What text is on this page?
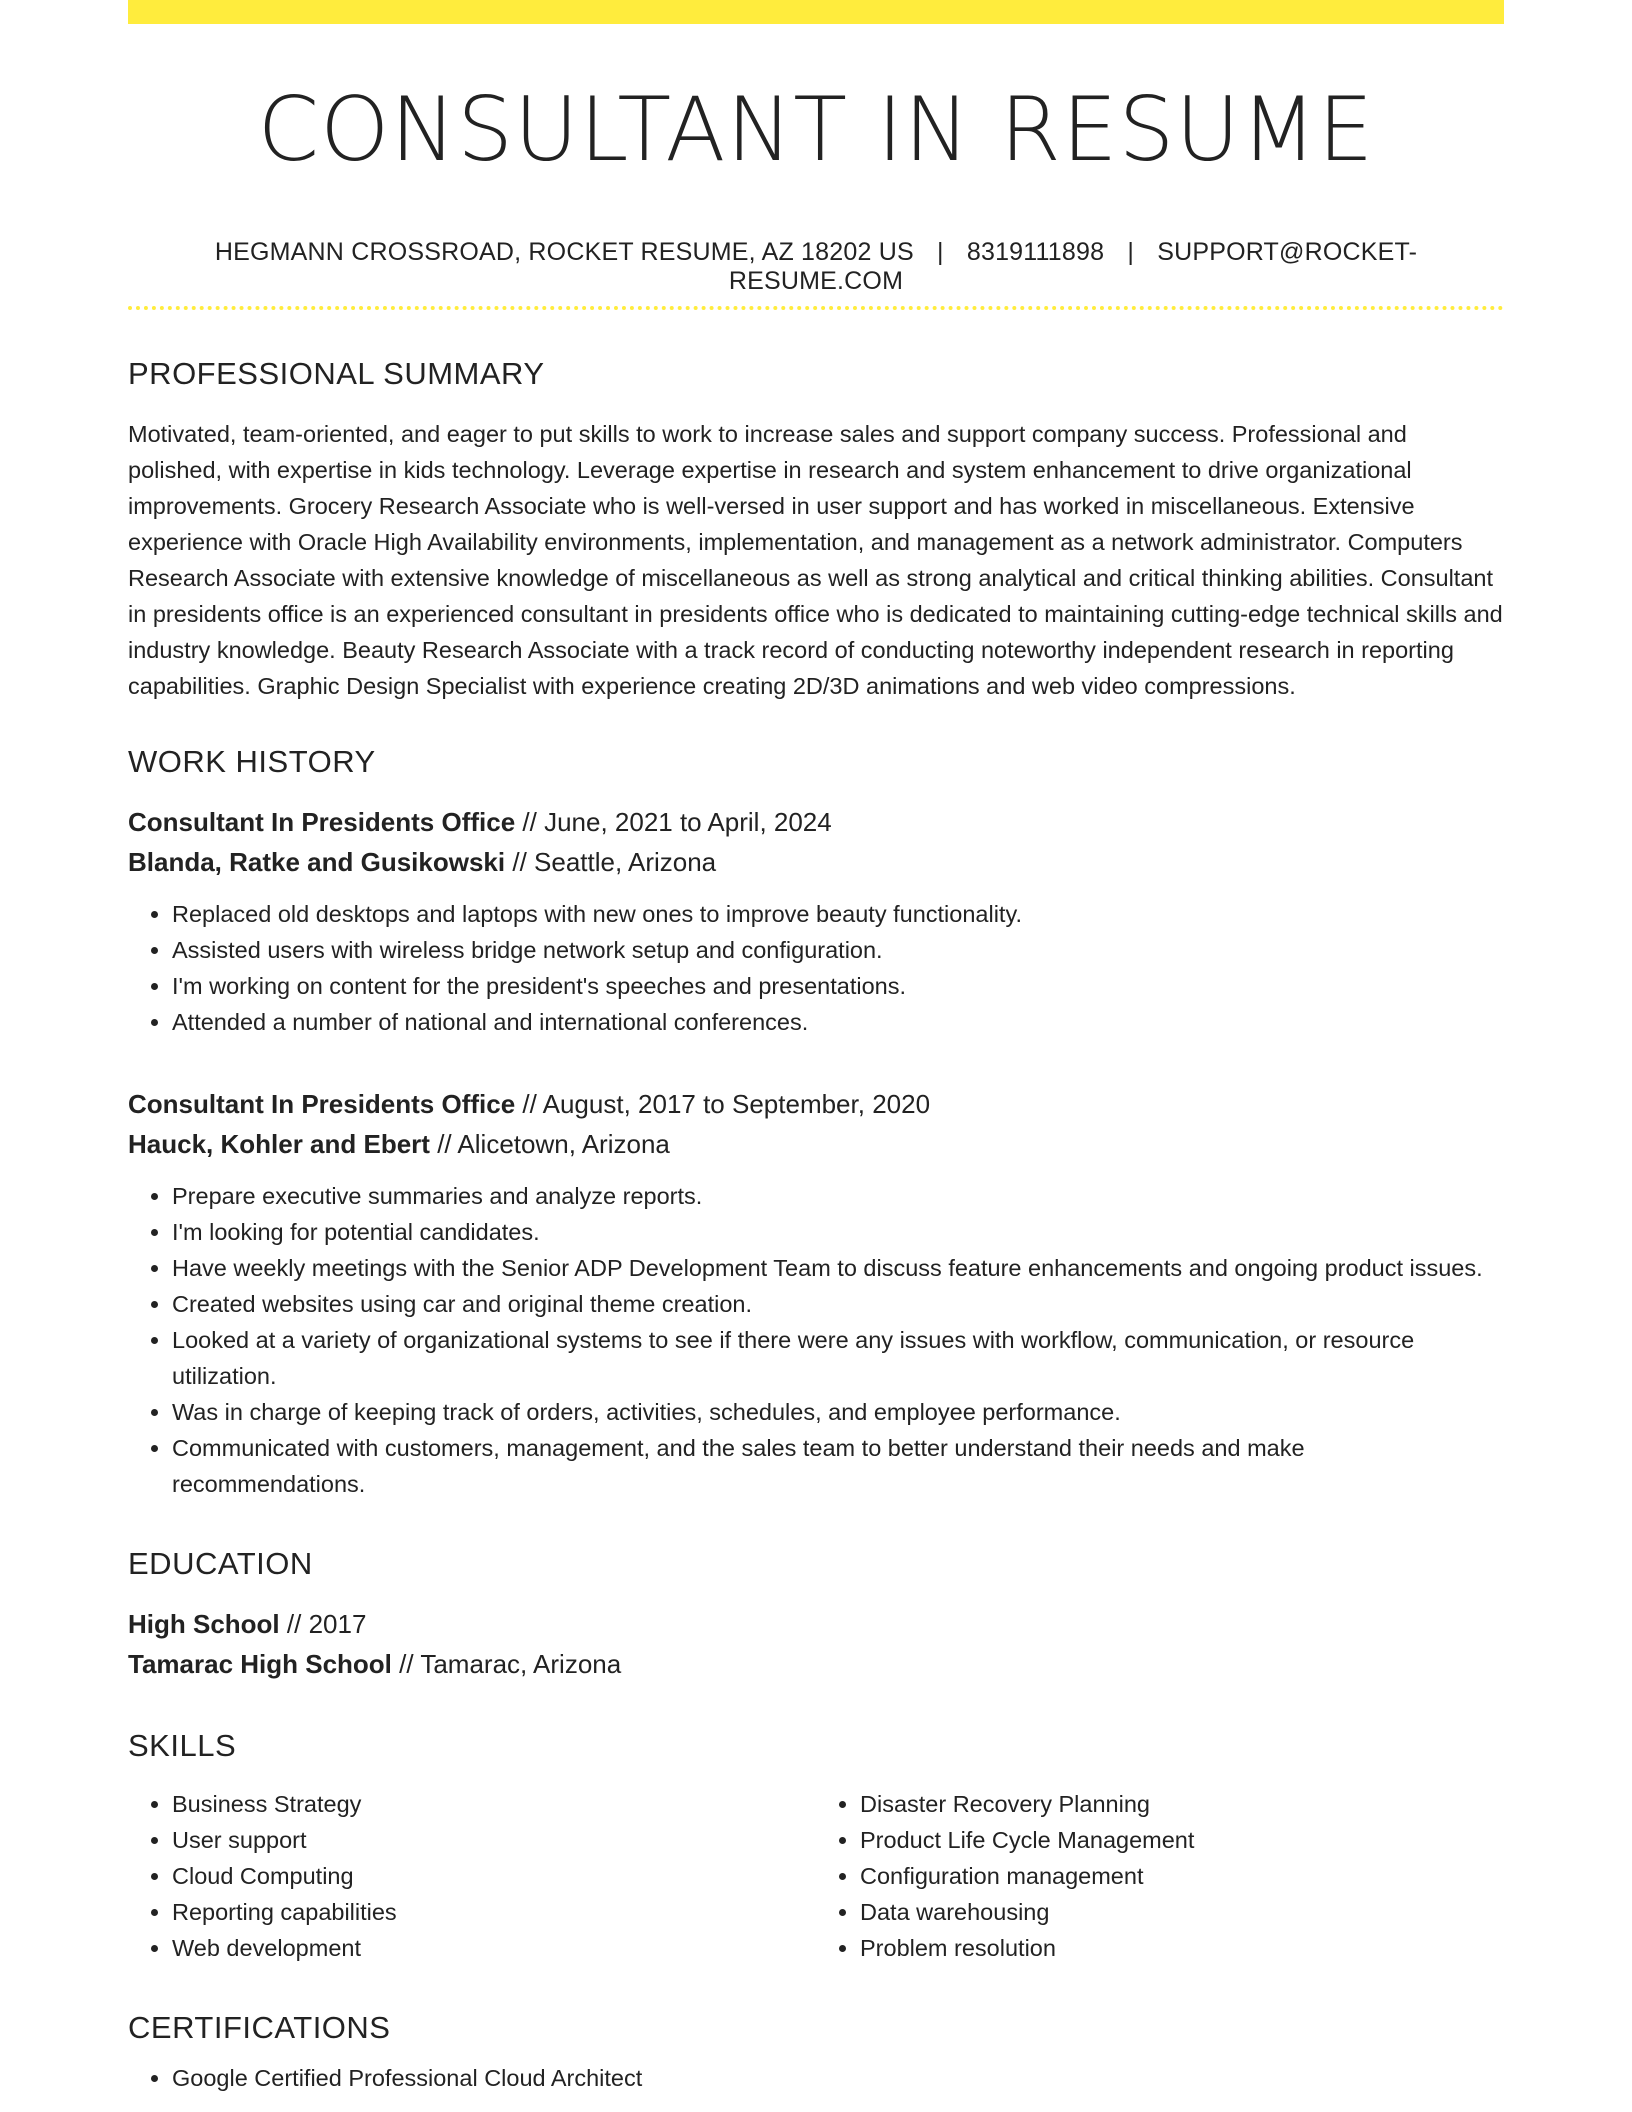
CONSULTANT IN RESUME
HEGMANN CROSSROAD, ROCKET RESUME, AZ 18202 US | 8319111898 | SUPPORT@ROCKET-RESUME.COM
PROFESSIONAL SUMMARY

Motivated, team-oriented, and eager to put skills to work to increase sales and support company success. Professional and polished, with expertise in kids technology. Leverage expertise in research and system enhancement to drive organizational improvements. Grocery Research Associate who is well-versed in user support and has worked in miscellaneous. Extensive experience with Oracle High Availability environments, implementation, and management as a network administrator. Computers Research Associate with extensive knowledge of miscellaneous as well as strong analytical and critical thinking abilities. Consultant in presidents office is an experienced consultant in presidents office who is dedicated to maintaining cutting-edge technical skills and industry knowledge. Beauty Research Associate with a track record of conducting noteworthy independent research in reporting capabilities. Graphic Design Specialist with experience creating 2D/3D animations and web video compressions.

WORK HISTORY
Consultant In Presidents Office // June, 2021 to April, 2024
Blanda, Ratke and Gusikowski // Seattle, Arizona
• Replaced old desktops and laptops with new ones to improve beauty functionality.
• Assisted users with wireless bridge network setup and configuration.
• I'm working on content for the president's speeches and presentations.
• Attended a number of national and international conferences.
Consultant In Presidents Office // August, 2017 to September, 2020
Hauck, Kohler and Ebert // Alicetown, Arizona
• Prepare executive summaries and analyze reports.
• I'm looking for potential candidates.
• Have weekly meetings with the Senior ADP Development Team to discuss feature enhancements and ongoing product issues.
• Created websites using car and original theme creation.
• Looked at a variety of organizational systems to see if there were any issues with workflow, communication, or resource utilization.
• Was in charge of keeping track of orders, activities, schedules, and employee performance.
• Communicated with customers, management, and the sales team to better understand their needs and make recommendations.
EDUCATION
High School // 2017
Tamarac High School // Tamarac, Arizona
SKILLS
• Business Strategy
• User support
• Cloud Computing
• Reporting capabilities
• Web development
• Disaster Recovery Planning
• Product Life Cycle Management
• Configuration management
• Data warehousing
• Problem resolution
CERTIFICATIONS
• Google Certified Professional Cloud Architect
